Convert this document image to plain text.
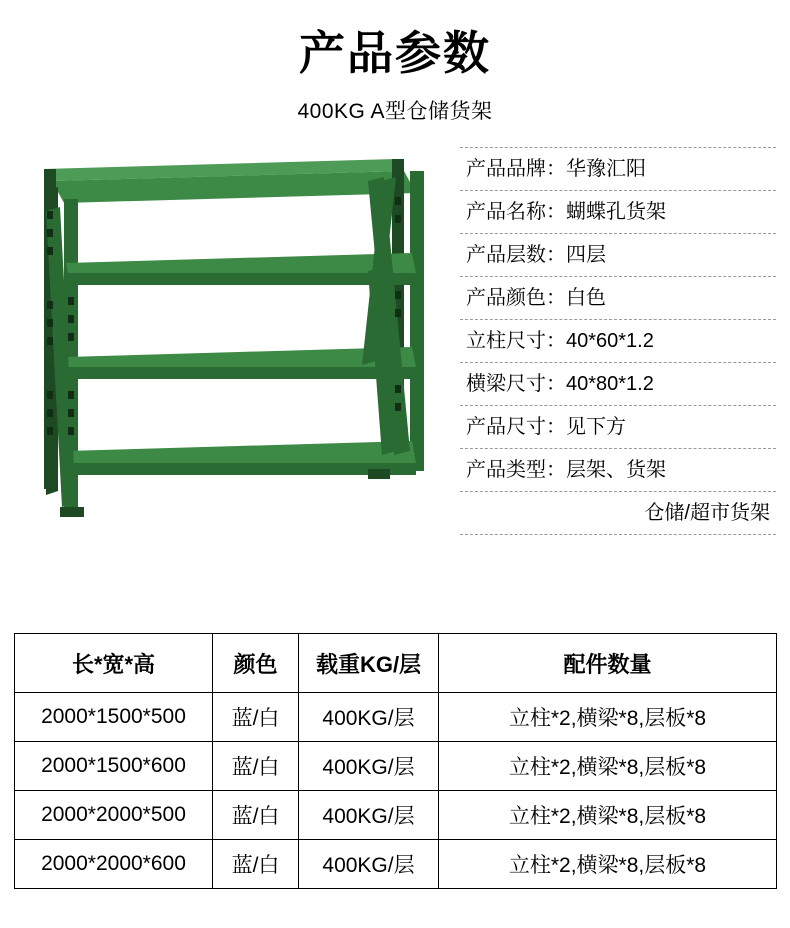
产品参数
400KG A型仓储货架
产品品牌：华豫汇阳
产品名称：蝴蝶孔货架
产品层数：四层
产品颜色：白色
立柱尺寸：40*60*1.2
横梁尺寸：40*80*1.2
产品尺寸：见下方
产品类型：层架、货架
仓储/超市货架
长*宽*高	颜色	载重KG/层	配件数量
2000*1500*500	蓝/白	400KG/层	立柱*2,横梁*8,层板*8
2000*1500*600	蓝/白	400KG/层	立柱*2,横梁*8,层板*8
2000*2000*500	蓝/白	400KG/层	立柱*2,横梁*8,层板*8
2000*2000*600	蓝/白	400KG/层	立柱*2,横梁*8,层板*8
